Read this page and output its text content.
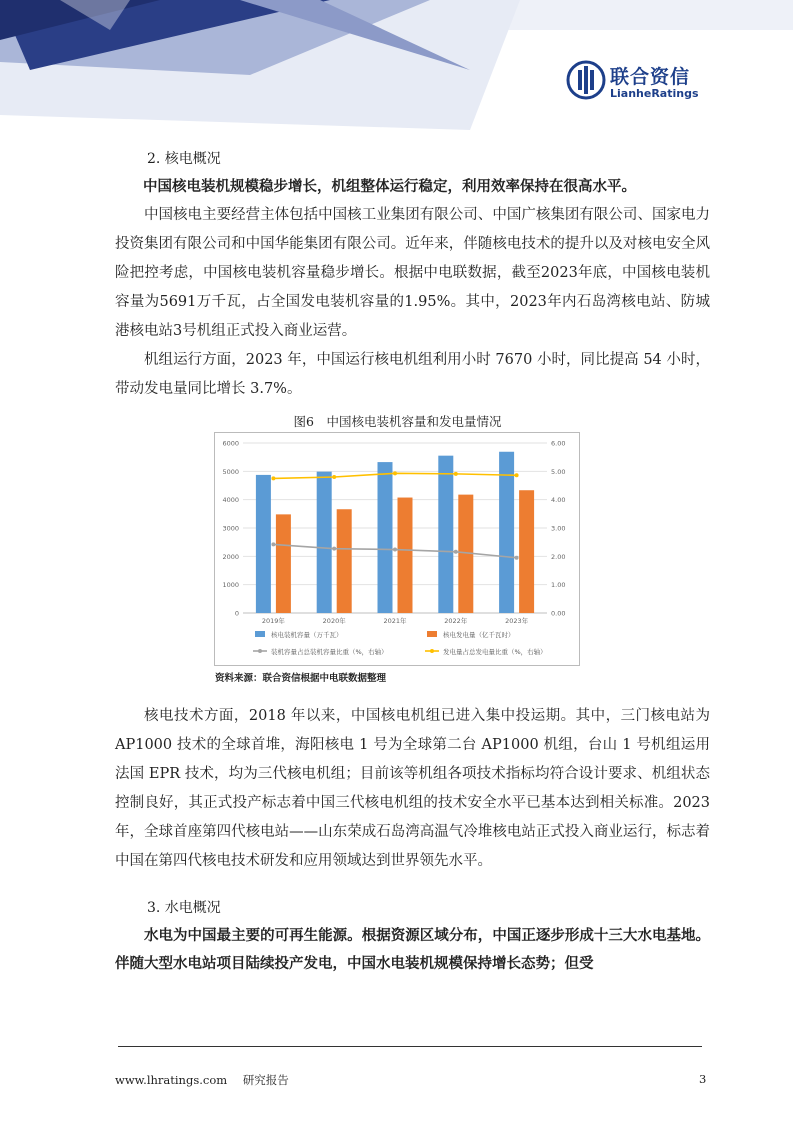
联合资信
LianheRatings
2. 核电概况
中国核电装机规模稳步增长，机组整体运行稳定，利用效率保持在很高水平。

中国核电主要经营主体包括中国核工业集团有限公司、中国广核集团有限公司、国家电力投资集团有限公司和中国华能集团有限公司。近年来，伴随核电技术的提升以及对核电安全风险把控考虑，中国核电装机容量稳步增长。根据中电联数据，截至2023年底，中国核电装机容量为5691万千瓦，占全国发电装机容量的1.95%。其中，2023年内石岛湾核电站、防城港核电站3号机组正式投入商业运营。

机组运行方面，2023 年，中国运行核电机组利用小时 7670 小时，同比提高 54 小时，带动发电量同比增长 3.7%。

图6　中国核电装机容量和发电量情况
0
1000
2000
3000
4000
5000
6000
0.00
1.00
2.00
3.00
4.00
5.00
6.00
2019年	2020年	2021年	2022年	2023年
核电装机容量（万千瓦）	核电发电量（亿千瓦时）
装机容量占总装机容量比重（%，右轴）	发电量占总发电量比重（%，右轴）
资料来源：联合资信根据中电联数据整理

核电技术方面，2018 年以来，中国核电机组已进入集中投运期。其中，三门核电站为 AP1000 技术的全球首堆，海阳核电 1 号为全球第二台 AP1000 机组，台山 1 号机组运用法国 EPR 技术，均为三代核电机组；目前该等机组各项技术指标均符合设计要求、机组状态控制良好，其正式投产标志着中国三代核电机组的技术安全水平已基本达到相关标准。2023 年，全球首座第四代核电站——山东荣成石岛湾高温气冷堆核电站正式投入商业运行，标志着中国在第四代核电技术研发和应用领域达到世界领先水平。

3. 水电概况

水电为中国最主要的可再生能源。根据资源区域分布，中国正逐步形成十三大水电基地。伴随大型水电站项目陆续投产发电，中国水电装机规模保持增长态势；但受

www.lhratings.com 研究报告	3
